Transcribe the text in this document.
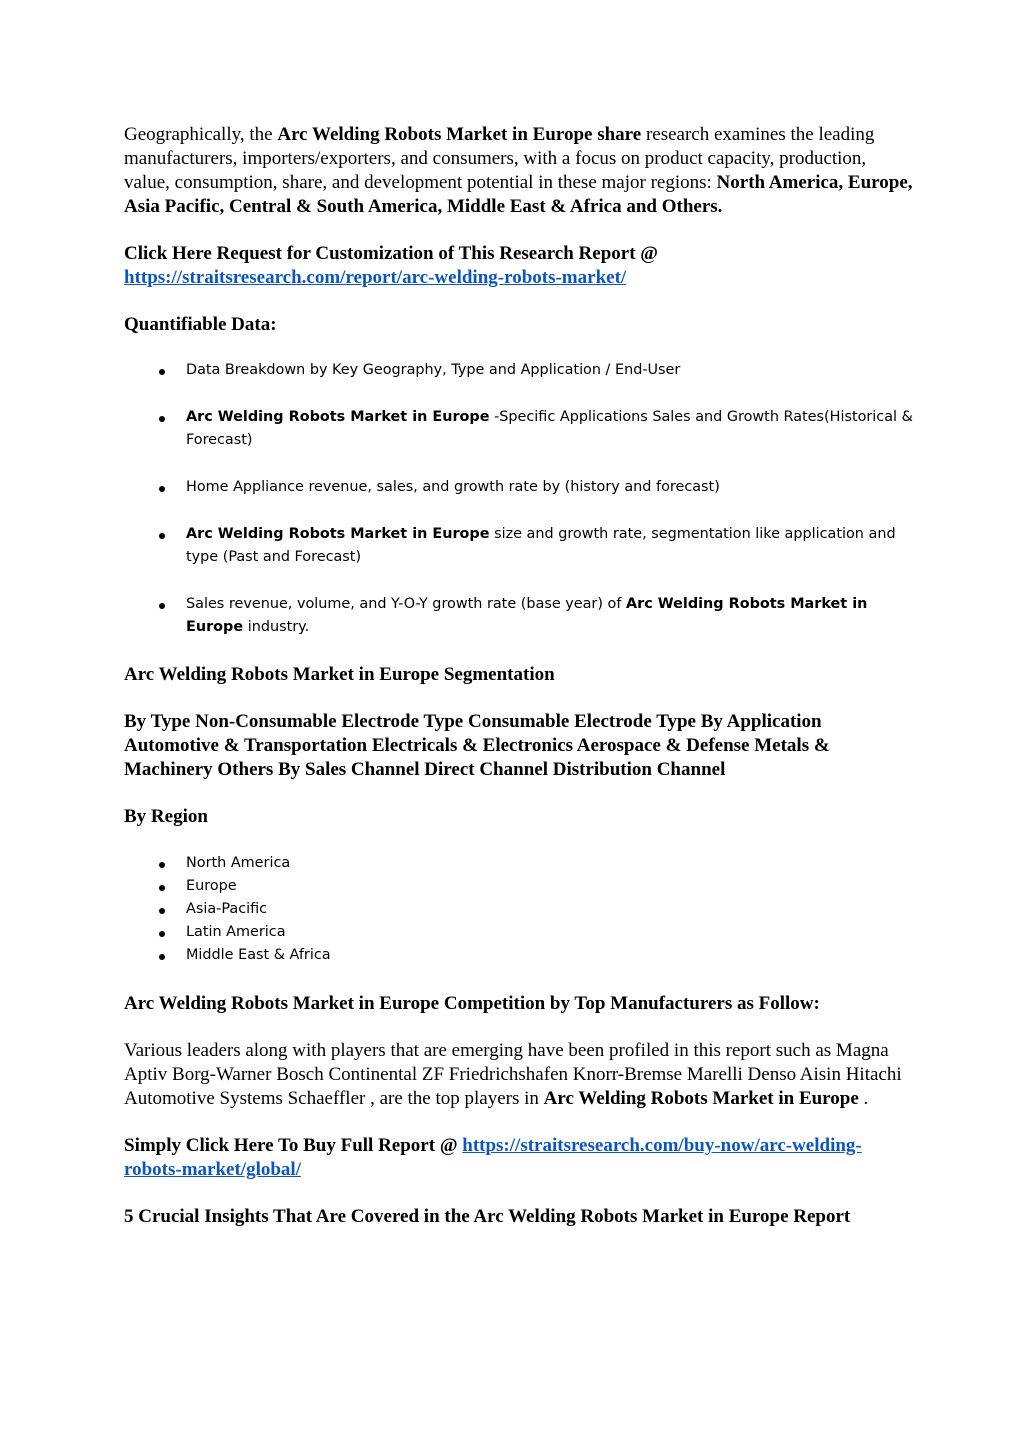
Geographically, the Arc Welding Robots Market in Europe share research examines the leading manufacturers, importers/exporters, and consumers, with a focus on product capacity, production, value, consumption, share, and development potential in these major regions: North America, Europe, Asia Pacific, Central & South America, Middle East & Africa and Others.

Click Here Request for Customization of This Research Report @
https://straitsresearch.com/report/arc-welding-robots-market/

Quantifiable Data:

Data Breakdown by Key Geography, Type and Application / End-User
Arc Welding Robots Market in Europe -Specific Applications Sales and Growth Rates(Historical & Forecast)
Home Appliance revenue, sales, and growth rate by (history and forecast)
Arc Welding Robots Market in Europe size and growth rate, segmentation like application and type (Past and Forecast)
Sales revenue, volume, and Y-O-Y growth rate (base year) of Arc Welding Robots Market in Europe industry.

Arc Welding Robots Market in Europe Segmentation

By Type Non-Consumable Electrode Type Consumable Electrode Type By Application Automotive & Transportation Electricals & Electronics Aerospace & Defense Metals & Machinery Others By Sales Channel Direct Channel Distribution Channel

By Region

North America
Europe
Asia-Pacific
Latin America
Middle East & Africa

Arc Welding Robots Market in Europe Competition by Top Manufacturers as Follow:

Various leaders along with players that are emerging have been profiled in this report such as Magna Aptiv Borg-Warner Bosch Continental ZF Friedrichshafen Knorr-Bremse Marelli Denso Aisin Hitachi Automotive Systems Schaeffler , are the top players in Arc Welding Robots Market in Europe .

Simply Click Here To Buy Full Report @ https://straitsresearch.com/buy-now/arc-welding-robots-market/global/

5 Crucial Insights That Are Covered in the Arc Welding Robots Market in Europe Report
